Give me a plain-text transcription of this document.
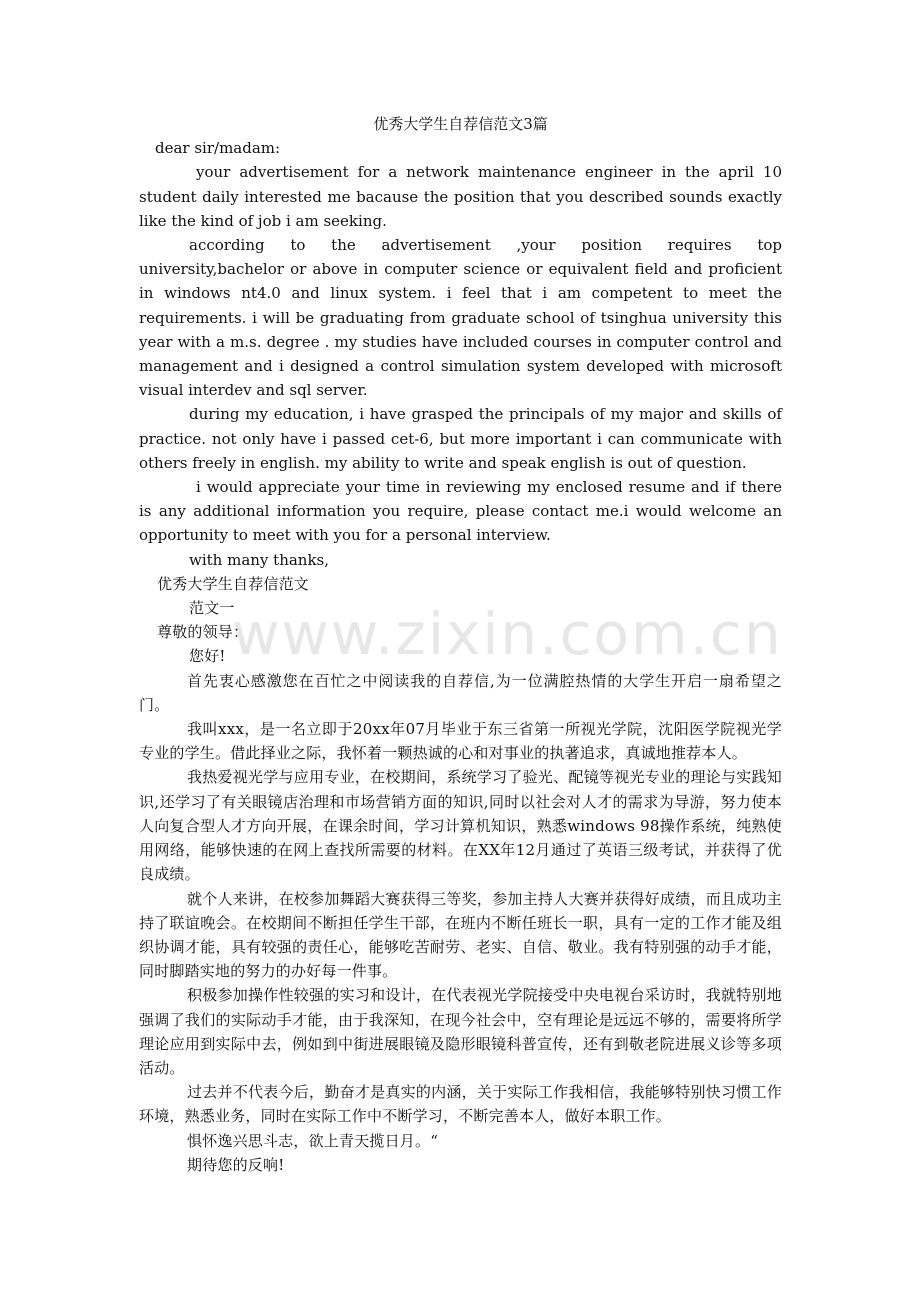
www.zixin.com.cn
优秀大学生自荐信范文3篇

dear sir/madam:

your advertisement for a network maintenance engineer in the april 10 student daily interested me bacause the position that you described sounds exactly like the kind of job i am seeking.

according to the advertisement ,your position requires top university,bachelor or above in computer science or equivalent field and proficient in windows nt4.0 and linux system. i feel that i am competent to meet the requirements. i will be graduating from graduate school of tsinghua university this year with a m.s. degree . my studies have included courses in computer control and management and i designed a control simulation system developed with microsoft visual interdev and sql server.

during my education, i have grasped the principals of my major and skills of practice. not only have i passed cet-6, but more important i can communicate with others freely in english. my ability to write and speak english is out of question.

i would appreciate your time in reviewing my enclosed resume and if there is any additional information you require, please contact me.i would welcome an opportunity to meet with you for a personal interview.

with many thanks,

优秀大学生自荐信范文

范文一

尊敬的领导：

您好!

首先衷心感激您在百忙之中阅读我的自荐信,为一位满腔热情的大学生开启一扇希望之门。

我叫xxx，是一名立即于20xx年07月毕业于东三省第一所视光学院，沈阳医学院视光学专业的学生。借此择业之际，我怀着一颗热诚的心和对事业的执著追求，真诚地推荐本人。

我热爱视光学与应用专业，在校期间，系统学习了验光、配镜等视光专业的理论与实践知识,还学习了有关眼镜店治理和市场营销方面的知识,同时以社会对人才的需求为导游，努力使本人向复合型人才方向开展，在课余时间，学习计算机知识，熟悉windows 98操作系统，纯熟使用网络，能够快速的在网上查找所需要的材料。在XX年12月通过了英语三级考试，并获得了优良成绩。

就个人来讲，在校参加舞蹈大赛获得三等奖，参加主持人大赛并获得好成绩，而且成功主持了联谊晚会。在校期间不断担任学生干部，在班内不断任班长一职，具有一定的工作才能及组织协调才能，具有较强的责任心，能够吃苦耐劳、老实、自信、敬业。我有特别强的动手才能，同时脚踏实地的努力的办好每一件事。

积极参加操作性较强的实习和设计，在代表视光学院接受中央电视台采访时，我就特别地强调了我们的实际动手才能，由于我深知，在现今社会中，空有理论是远远不够的，需要将所学理论应用到实际中去，例如到中街进展眼镜及隐形眼镜科普宣传，还有到敬老院进展义诊等多项活动。

过去并不代表今后，勤奋才是真实的内涵，关于实际工作我相信，我能够特别快习惯工作环境，熟悉业务，同时在实际工作中不断学习，不断完善本人，做好本职工作。

惧怀逸兴思斗志，欲上青天揽日月。“

期待您的反响!
